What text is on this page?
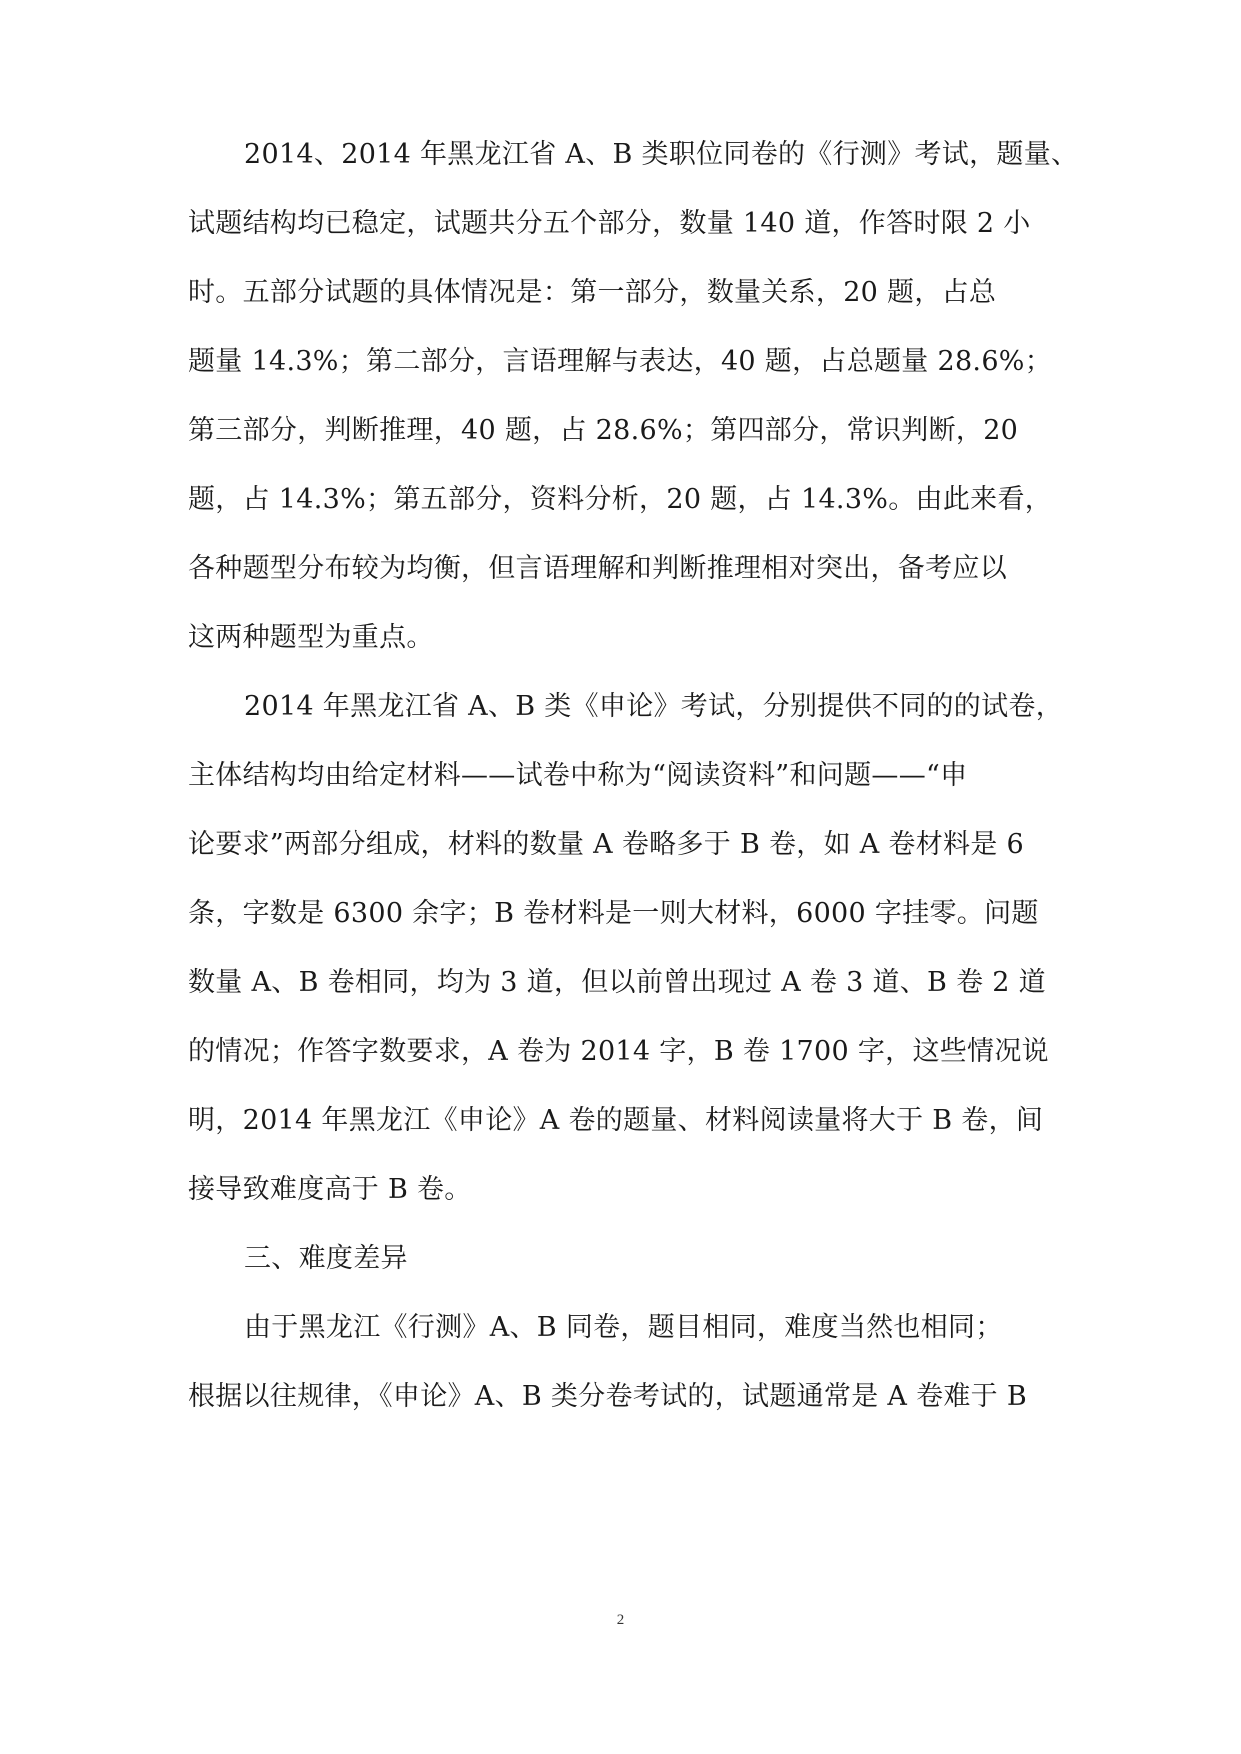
2014、2014 年黑龙江省 A、B 类职位同卷的《行测》考试，题量、
试题结构均已稳定，试题共分五个部分，数量 140 道，作答时限 2 小
时。五部分试题的具体情况是：第一部分，数量关系，20 题，占总
题量 14.3%；第二部分，言语理解与表达，40 题，占总题量 28.6%；
第三部分，判断推理，40 题，占 28.6%；第四部分，常识判断，20
题，占 14.3%；第五部分，资料分析，20 题，占 14.3%。由此来看，
各种题型分布较为均衡，但言语理解和判断推理相对突出，备考应以
这两种题型为重点。
2014 年黑龙江省 A、B 类《申论》考试，分别提供不同的的试卷，
主体结构均由给定材料——试卷中称为“阅读资料”和问题——“申
论要求”两部分组成，材料的数量 A 卷略多于 B 卷，如 A 卷材料是 6
条，字数是 6300 余字；B 卷材料是一则大材料，6000 字挂零。问题
数量 A、B 卷相同，均为 3 道，但以前曾出现过 A 卷 3 道、B 卷 2 道
的情况；作答字数要求，A 卷为 2014 字，B 卷 1700 字，这些情况说
明，2014 年黑龙江《申论》A 卷的题量、材料阅读量将大于 B 卷，间
接导致难度高于 B 卷。
三、难度差异
由于黑龙江《行测》A、B 同卷，题目相同，难度当然也相同；
根据以往规律，《申论》A、B 类分卷考试的，试题通常是 A 卷难于 B
2
